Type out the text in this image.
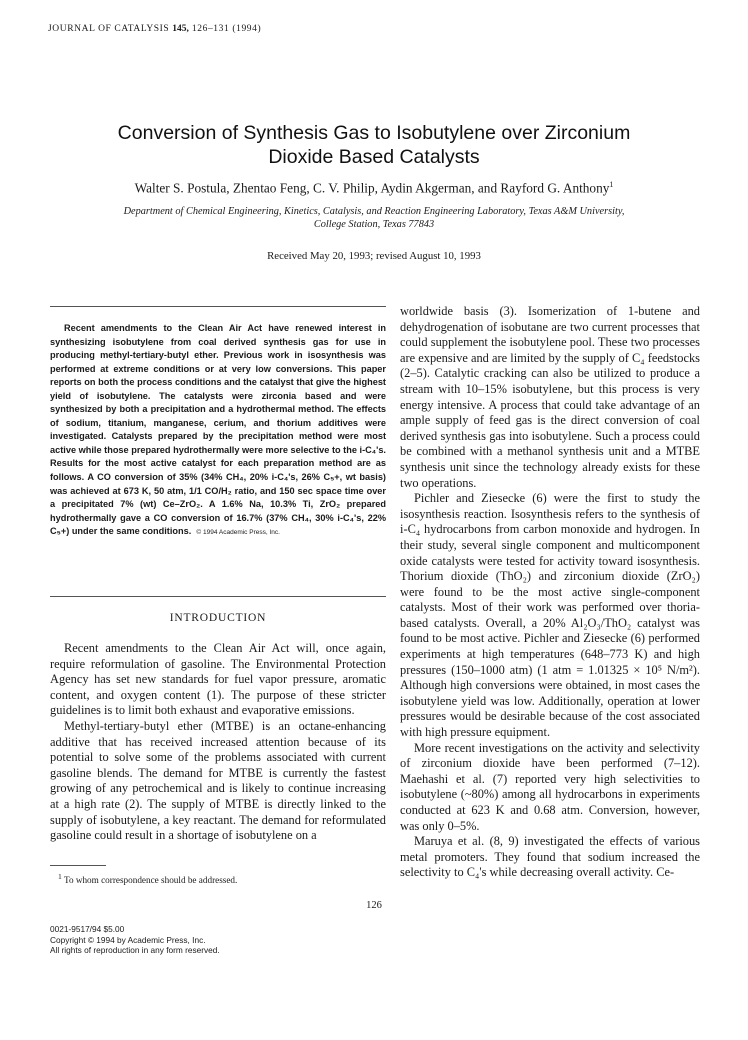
JOURNAL OF CATALYSIS 145, 126–131 (1994)
Conversion of Synthesis Gas to Isobutylene over Zirconium
Dioxide Based Catalysts
Walter S. Postula, Zhentao Feng, C. V. Philip, Aydin Akgerman, and Rayford G. Anthony$^1$
Department of Chemical Engineering, Kinetics, Catalysis, and Reaction Engineering Laboratory, Texas A&M University,
College Station, Texas 77843
Received May 20, 1993; revised August 10, 1993

Recent amendments to the Clean Air Act have renewed interest in synthesizing isobutylene from coal derived synthesis gas for use in producing methyl-tertiary-butyl ether. Previous work in isosynthesis was performed at extreme conditions or at very low conversions. This paper reports on both the process conditions and the catalyst that give the highest yield of isobutylene. The catalysts were zirconia based and were synthesized by both a precipitation and a hydrothermal method. The effects of sodium, titanium, manganese, cerium, and thorium additives were investigated. Catalysts prepared by the precipitation method were most active while those prepared hydrothermally were more selective to the i-C₄'s. Results for the most active catalyst for each preparation method are as follows. A CO conversion of 35% (34% CH₄, 20% i-C₄'s, 26% C₅+, wt basis) was achieved at 673 K, 50 atm, 1/1 CO/H₂ ratio, and 150 sec space time over a precipitated 7% (wt) Ce–ZrO₂. A 1.6% Na, 10.3% Ti, ZrO₂ prepared hydrothermally gave a CO conversion of 16.7% (37% CH₄, 30% i-C₄'s, 22% C₅+) under the same conditions. © 1994 Academic Press, Inc.

INTRODUCTION

Recent amendments to the Clean Air Act will, once again, require reformulation of gasoline. The Environmental Protection Agency has set new standards for fuel vapor pressure, aromatic content, and oxygen content (1). The purpose of these stricter guidelines is to limit both exhaust and evaporative emissions.

Methyl-tertiary-butyl ether (MTBE) is an octane-enhancing additive that has received increased attention because of its potential to solve some of the problems associated with current gasoline blends. The demand for MTBE is currently the fastest growing of any petrochemical and is likely to continue increasing at a high rate (2). The supply of MTBE is directly linked to the supply of isobutylene, a key reactant. The demand for reformulated gasoline could result in a shortage of isobutylene on a

$^1$ To whom correspondence should be addressed.

worldwide basis (3). Isomerization of 1-butene and dehydrogenation of isobutane are two current processes that could supplement the isobutylene pool. These two processes are expensive and are limited by the supply of C₄ feedstocks (2–5). Catalytic cracking can also be utilized to produce a stream with 10–15% isobutylene, but this process is very energy intensive. A process that could take advantage of an ample supply of feed gas is the direct conversion of coal derived synthesis gas into isobutylene. Such a process could be combined with a methanol synthesis unit and a MTBE synthesis unit since the technology already exists for these two operations.

Pichler and Ziesecke (6) were the first to study the isosynthesis reaction. Isosynthesis refers to the synthesis of i-C₄ hydrocarbons from carbon monoxide and hydrogen. In their study, several single component and multicomponent oxide catalysts were tested for activity toward isosynthesis. Thorium dioxide (ThO₂) and zirconium dioxide (ZrO₂) were found to be the most active single-component catalysts. Most of their work was performed over thoria-based catalysts. Overall, a 20% Al₂O₃/ThO₂ catalyst was found to be most active. Pichler and Ziesecke (6) performed experiments at high temperatures (648–773 K) and high pressures (150–1000 atm) (1 atm = 1.01325 × 10⁵ N/m²). Although high conversions were obtained, in most cases the isobutylene yield was low. Additionally, operation at lower pressures would be desirable because of the cost associated with high pressure equipment.

More recent investigations on the activity and selectivity of zirconium dioxide have been performed (7–12). Maehashi et al. (7) reported very high selectivities to isobutylene (~80%) among all hydrocarbons in experiments conducted at 623 K and 0.68 atm. Conversion, however, was only 0–5%.

Maruya et al. (8, 9) investigated the effects of various metal promoters. They found that sodium increased the selectivity to C₄'s while decreasing overall activity. Ce-

126
0021-9517/94 $5.00
Copyright © 1994 by Academic Press, Inc.
All rights of reproduction in any form reserved.
